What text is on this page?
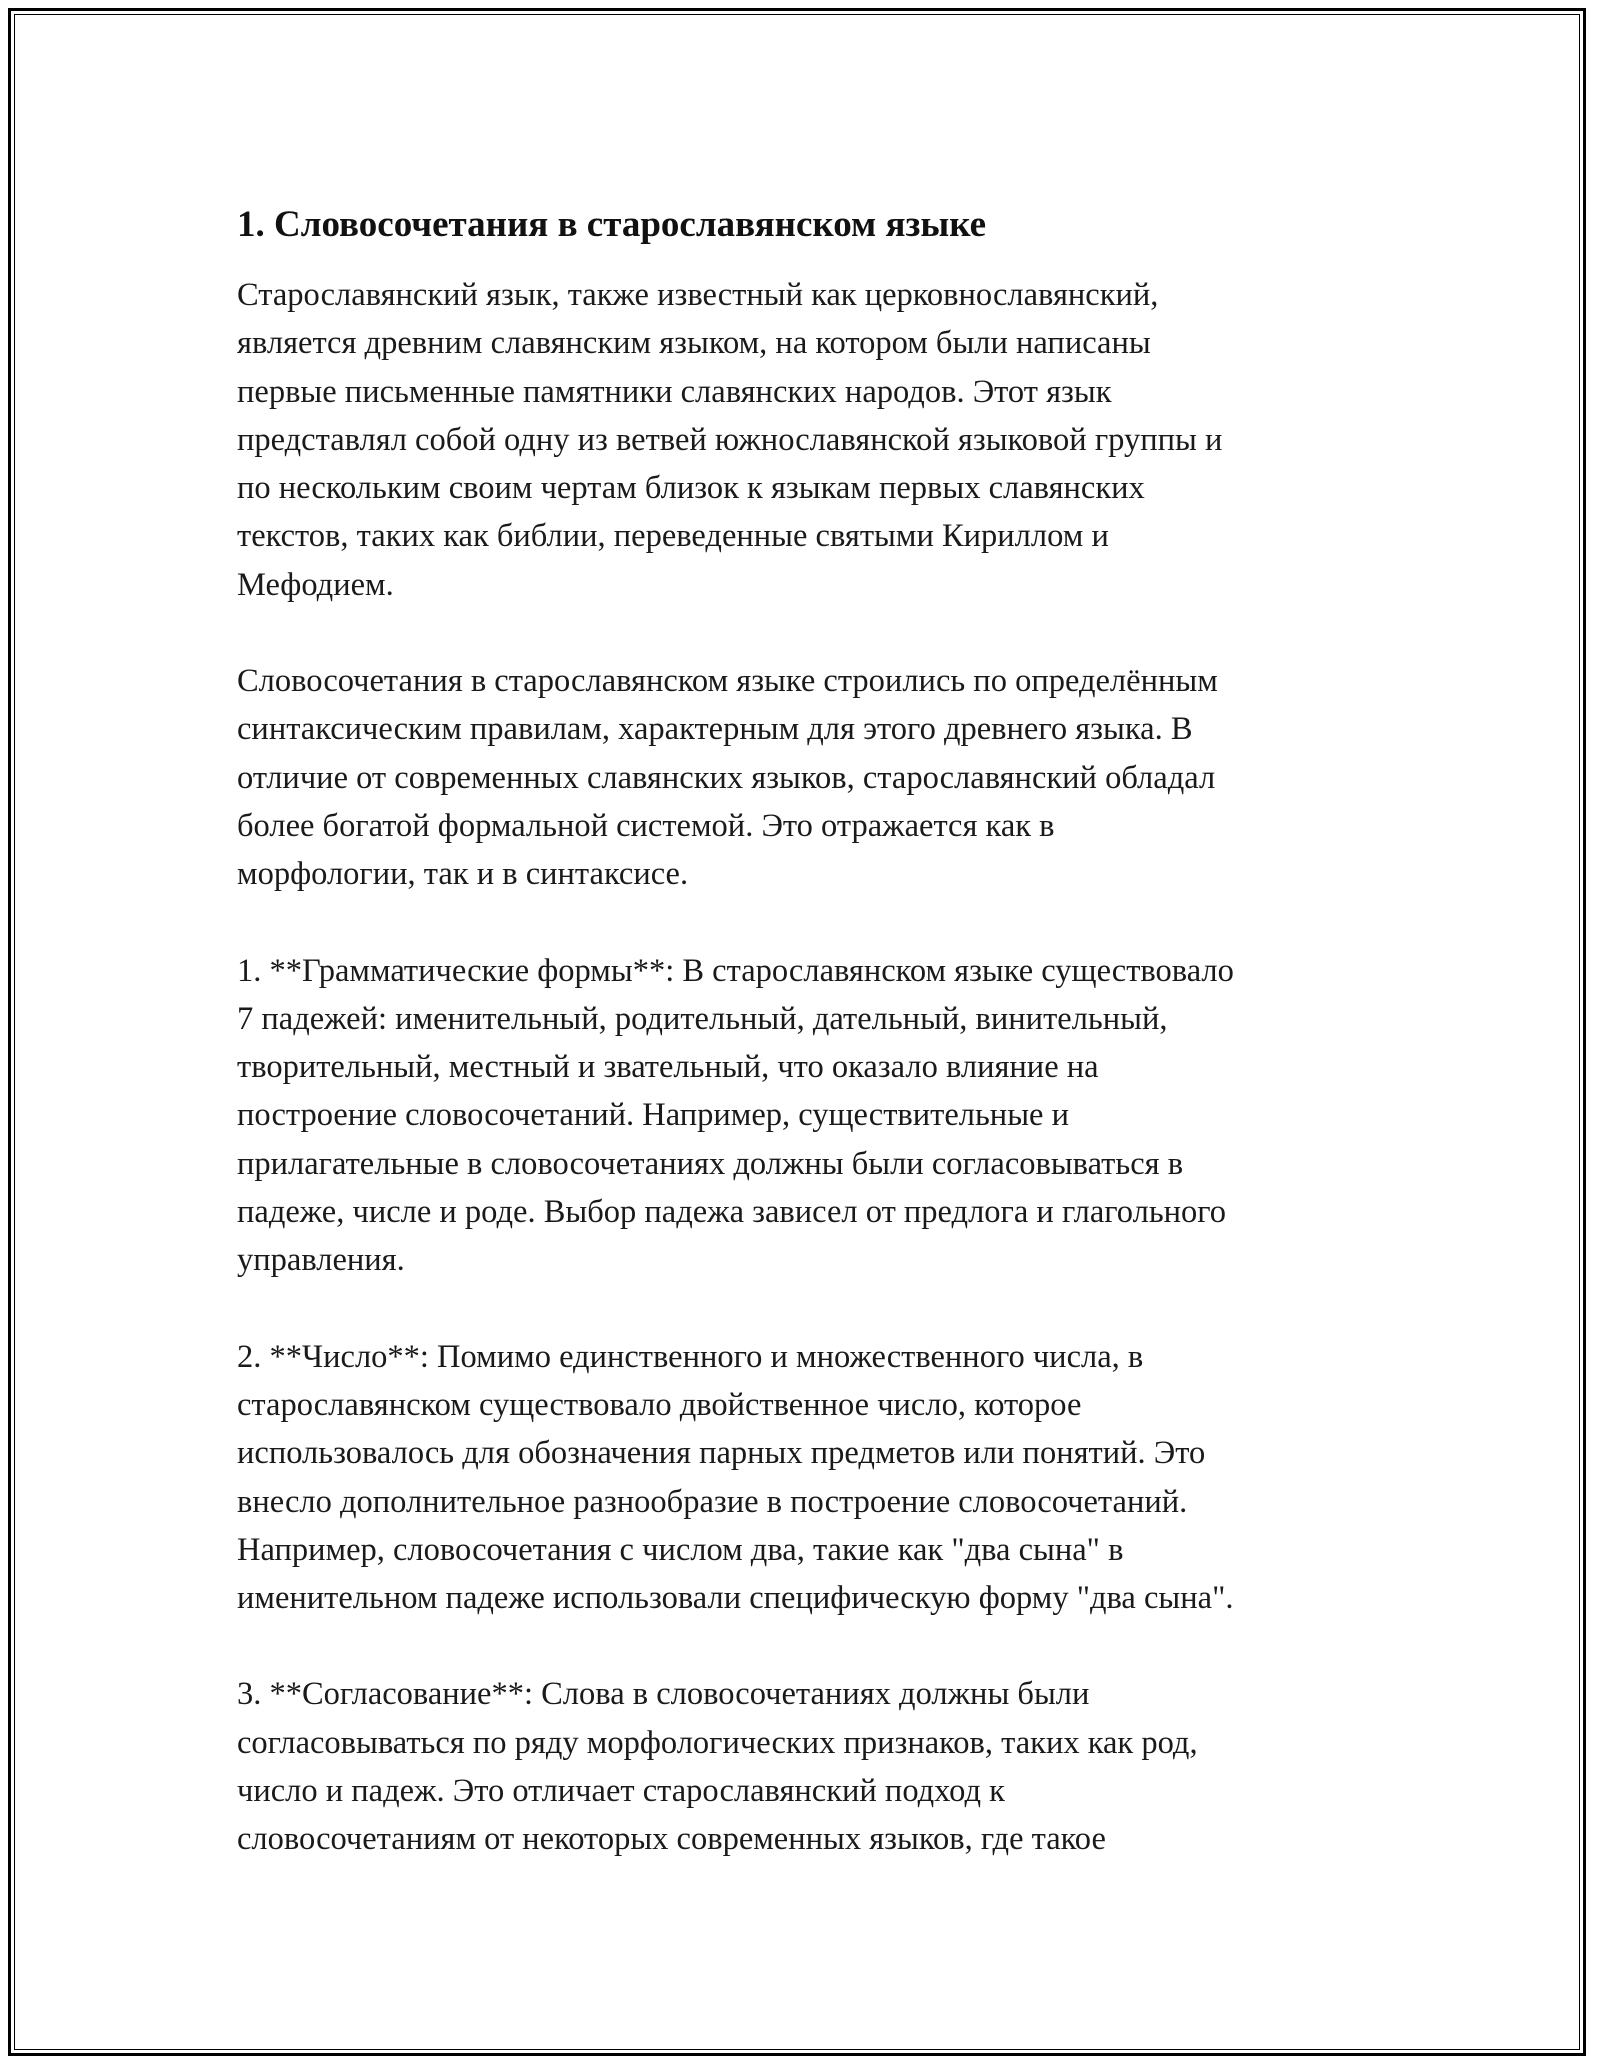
1. Словосочетания в старославянском языке

Старославянский язык, также известный как церковнославянский,
является древним славянским языком, на котором были написаны
первые письменные памятники славянских народов. Этот язык
представлял собой одну из ветвей южнославянской языковой группы и
по нескольким своим чертам близок к языкам первых славянских
текстов, таких как библии, переведенные святыми Кириллом и
Мефодием.

Словосочетания в старославянском языке строились по определённым
синтаксическим правилам, характерным для этого древнего языка. В
отличие от современных славянских языков, старославянский обладал
более богатой формальной системой. Это отражается как в
морфологии, так и в синтаксисе.

1. **Грамматические формы**: В старославянском языке существовало
7 падежей: именительный, родительный, дательный, винительный,
творительный, местный и звательный, что оказало влияние на
построение словосочетаний. Например, существительные и
прилагательные в словосочетаниях должны были согласовываться в
падеже, числе и роде. Выбор падежа зависел от предлога и глагольного
управления.

2. **Число**: Помимо единственного и множественного числа, в
старославянском существовало двойственное число, которое
использовалось для обозначения парных предметов или понятий. Это
внесло дополнительное разнообразие в построение словосочетаний.
Например, словосочетания с числом два, такие как "два сына" в
именительном падеже использовали специфическую форму "два сына".

3. **Согласование**: Слова в словосочетаниях должны были
согласовываться по ряду морфологических признаков, таких как род,
число и падеж. Это отличает старославянский подход к
словосочетаниям от некоторых современных языков, где такое
